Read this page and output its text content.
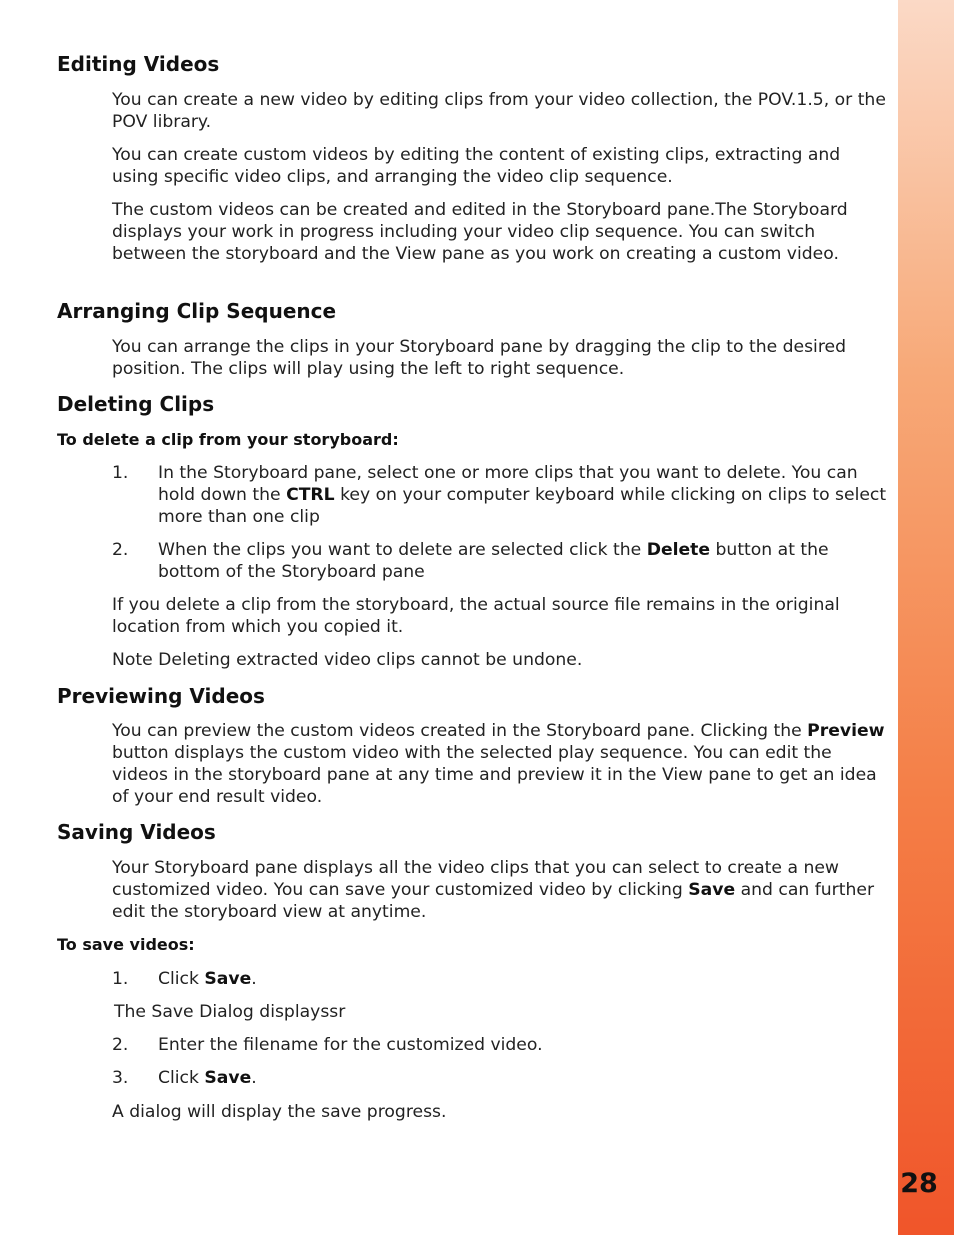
28
Editing Videos

You can create a new video by editing clips from your video collection, the POV.1.5, or the POV library.

You can create custom videos by editing the content of existing clips, extracting and using specific video clips, and arranging the video clip sequence.

The custom videos can be created and edited in the Storyboard pane.The Storyboard displays your work in progress including your video clip sequence. You can switch between the storyboard and the View pane as you work on creating a custom video.

Arranging Clip Sequence

You can arrange the clips in your Storyboard pane by dragging the clip to the desired position. The clips will play using the left to right sequence.

Deleting Clips
To delete a clip from your storyboard:
1. In the Storyboard pane, select one or more clips that you want to delete. You can hold down the CTRL key on your computer keyboard while clicking on clips to select more than one clip
2. When the clips you want to delete are selected click the Delete button at the bottom of the Storyboard pane

If you delete a clip from the storyboard, the actual source file remains in the original location from which you copied it.

Note Deleting extracted video clips cannot be undone.

Previewing Videos

You can preview the custom videos created in the Storyboard pane. Clicking the Preview button displays the custom video with the selected play sequence. You can edit the videos in the storyboard pane at any time and preview it in the View pane to get an idea of your end result video.

Saving Videos

Your Storyboard pane displays all the video clips that you can select to create a new customized video. You can save your customized video by clicking Save and can further edit the storyboard view at anytime.

To save videos:
1. Click Save.

The Save Dialog displayssr

2. Enter the filename for the customized video.
3. Click Save.

A dialog will display the save progress.
